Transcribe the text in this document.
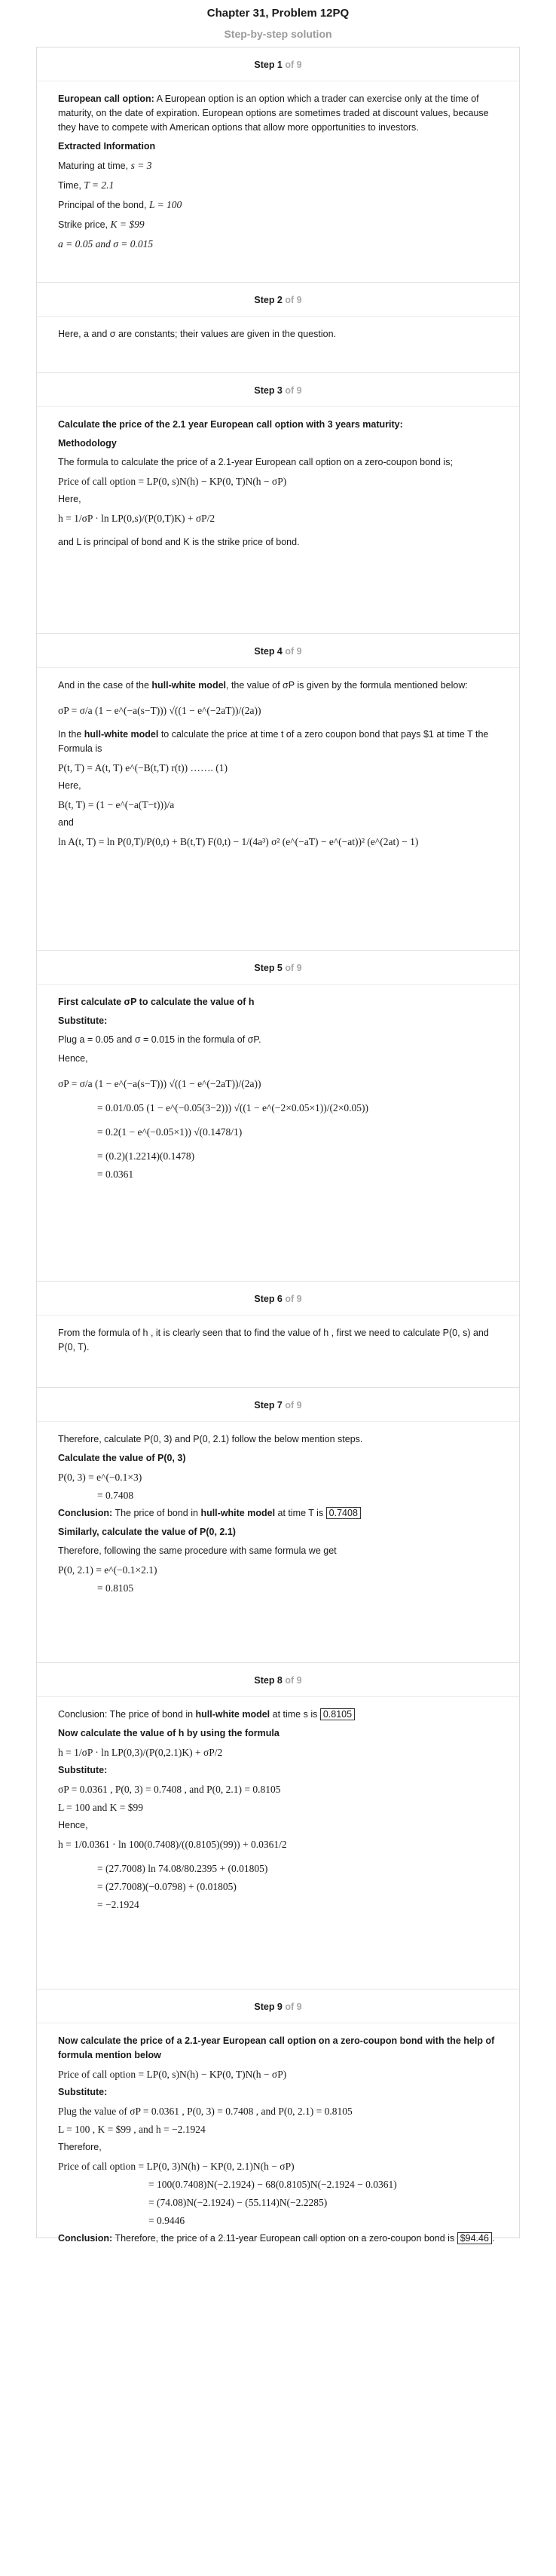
Chapter 31, Problem 12PQ
Step-by-step solution
Step 1 of 9

European call option: A European option is an option which a trader can exercise only at the time of maturity, on the date of expiration. European options are sometimes traded at discount values, because they have to compete with American options that allow more opportunities to investors.

Extracted Information

Maturing at time, s = 3

Time, T = 2.1

Principal of the bond, L = 100

Strike price, K = $99

a = 0.05 and σ = 0.015

Step 2 of 9

Here, a and σ are constants; their values are given in the question.

Step 3 of 9

Calculate the price of the 2.1 year European call option with 3 years maturity:

Methodology

The formula to calculate the price of a 2.1-year European call option on a zero-coupon bond is;

Price of call option = LP(0, s)N(h) − KP(0, T)N(h − σP)

Here,

h = 1/σP · ln LP(0,s)/(P(0,T)K) + σP/2

and L is principal of bond and K is the strike price of bond.

Step 4 of 9

And in the case of the hull-white model, the value of σP is given by the formula mentioned below:

σP = σ/a (1 − e^(−a(s−T))) √((1 − e^(−2aT))/(2a))

In the hull-white model to calculate the price at time t of a zero coupon bond that pays $1 at time T the Formula is

P(t, T) = A(t, T) e^(−B(t,T) r(t)) ……. (1)

Here,

B(t, T) = (1 − e^(−a(T−t)))/a

and

ln A(t, T) = ln P(0,T)/P(0,t) + B(t,T) F(0,t) − 1/(4a³) σ² (e^(−aT) − e^(−at))² (e^(2at) − 1)

Step 5 of 9

First calculate σP to calculate the value of h

Substitute:

Plug a = 0.05 and σ = 0.015 in the formula of σP.

Hence,

σP = σ/a (1 − e^(−a(s−T))) √((1 − e^(−2aT))/(2a))

= 0.01/0.05 (1 − e^(−0.05(3−2))) √((1 − e^(−2×0.05×1))/(2×0.05))

= 0.2(1 − e^(−0.05×1)) √(0.1478/1)

= (0.2)(1.2214)(0.1478)

= 0.0361

Step 6 of 9

From the formula of h , it is clearly seen that to find the value of h , first we need to calculate P(0, s) and P(0, T).

Step 7 of 9

Therefore, calculate P(0, 3) and P(0, 2.1) follow the below mention steps.

Calculate the value of P(0, 3)

P(0, 3) = e^(−0.1×3)

= 0.7408

Conclusion: The price of bond in hull-white model at time T is 0.7408

Similarly, calculate the value of P(0, 2.1)

Therefore, following the same procedure with same formula we get

P(0, 2.1) = e^(−0.1×2.1)

= 0.8105

Step 8 of 9

Conclusion: The price of bond in hull-white model at time s is 0.8105

Now calculate the value of h by using the formula

h = 1/σP · ln LP(0,3)/(P(0,2.1)K) + σP/2

Substitute:

σP = 0.0361 , P(0, 3) = 0.7408 , and P(0, 2.1) = 0.8105

L = 100 and K = $99

Hence,

h = 1/0.0361 · ln 100(0.7408)/((0.8105)(99)) + 0.0361/2

= (27.7008) ln 74.08/80.2395 + (0.01805)

= (27.7008)(−0.0798) + (0.01805)

= −2.1924

Step 9 of 9

Now calculate the price of a 2.1-year European call option on a zero-coupon bond with the help of formula mention below

Price of call option = LP(0, s)N(h) − KP(0, T)N(h − σP)

Substitute:

Plug the value of σP = 0.0361 , P(0, 3) = 0.7408 , and P(0, 2.1) = 0.8105

L = 100 , K = $99 , and h = −2.1924

Therefore,

Price of call option = LP(0, 3)N(h) − KP(0, 2.1)N(h − σP)

= 100(0.7408)N(−2.1924) − 68(0.8105)N(−2.1924 − 0.0361)

= (74.08)N(−2.1924) − (55.114)N(−2.2285)

= 0.9446

Conclusion: Therefore, the price of a 2.11-year European call option on a zero-coupon bond is $94.46 .
